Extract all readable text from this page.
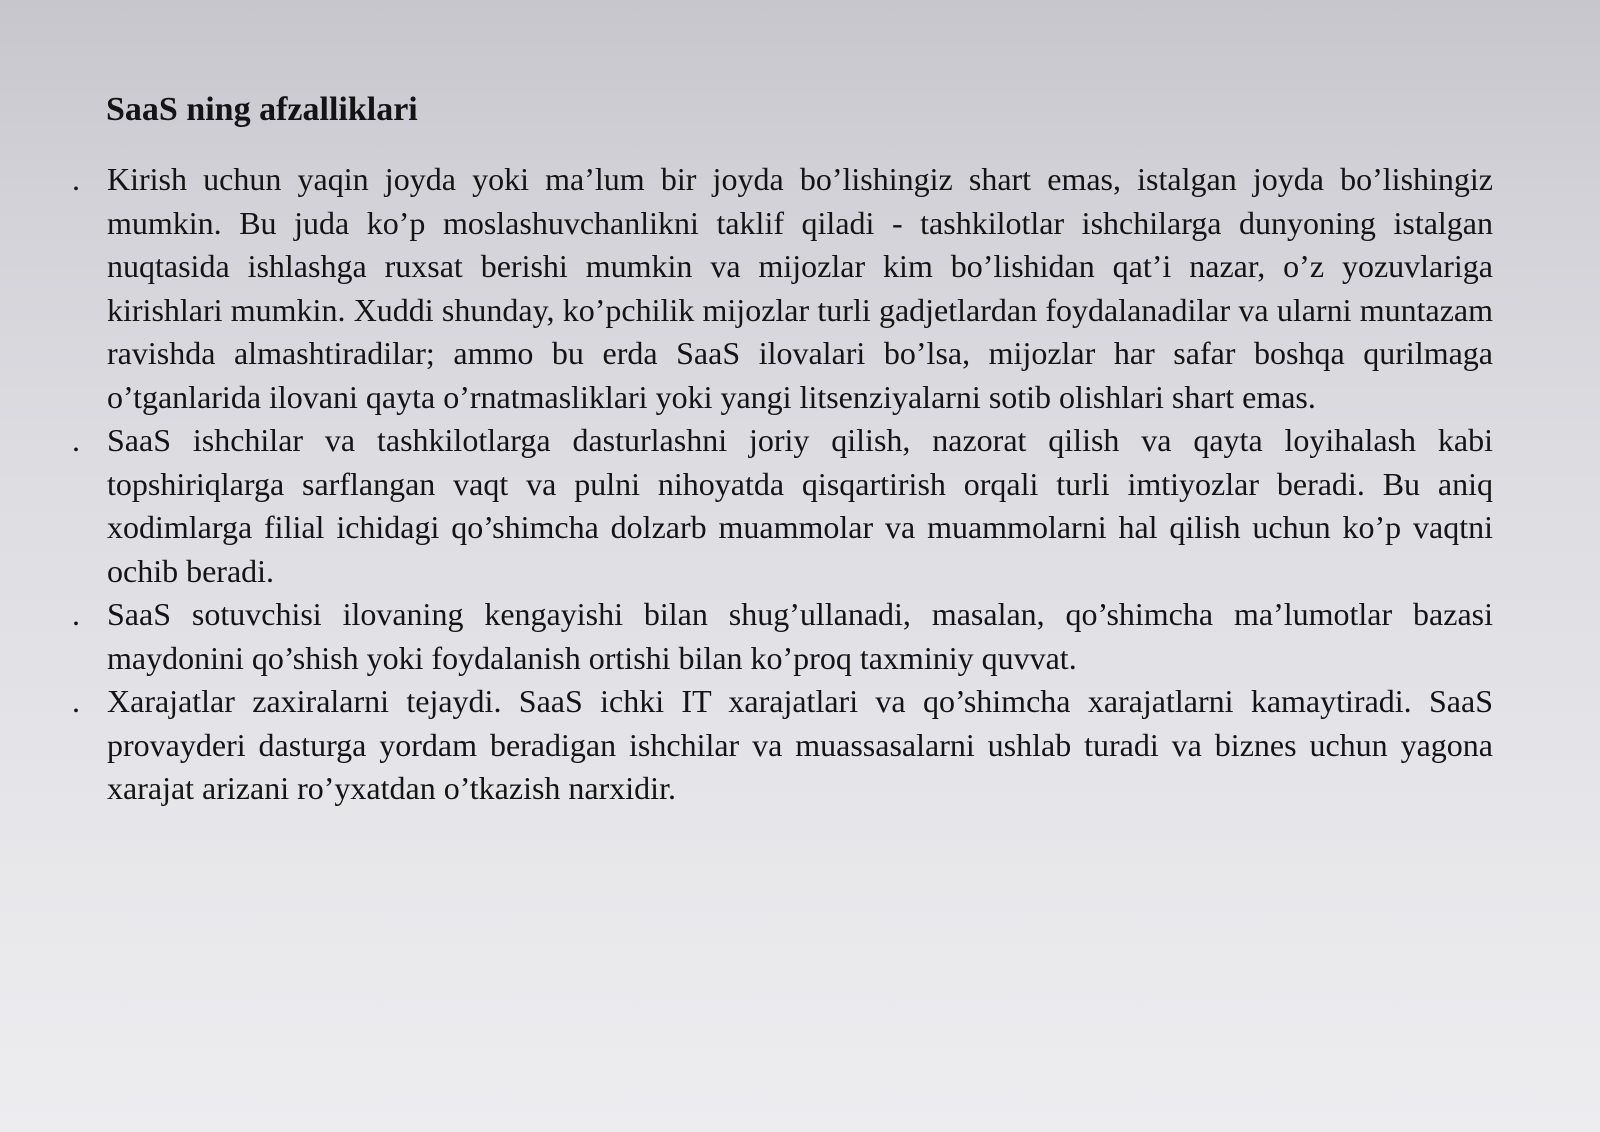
SaaS ning afzalliklari
. Kirish uchun yaqin joyda yoki ma’lum bir joyda bo’lishingiz shart emas, istalgan joyda bo’lishingiz mumkin. Bu juda ko’p moslashuvchanlikni taklif qiladi - tashkilotlar ishchilarga dunyoning istalgan nuqtasida ishlashga ruxsat berishi mumkin va mijozlar kim bo’lishidan qat’i nazar, o’z yozuvlariga kirishlari mumkin. Xuddi shunday, ko’pchilik mijozlar turli gadjetlardan foydalanadilar va ularni muntazam ravishda almashtiradilar; ammo bu erda SaaS ilovalari bo’lsa, mijozlar har safar boshqa qurilmaga o’tganlarida ilovani qayta o’rnatmasliklari yoki yangi litsenziyalarni sotib olishlari shart emas.
. SaaS ishchilar va tashkilotlarga dasturlashni joriy qilish, nazorat qilish va qayta loyihalash kabi topshiriqlarga sarflangan vaqt va pulni nihoyatda qisqartirish orqali turli imtiyozlar beradi. Bu aniq xodimlarga filial ichidagi qo’shimcha dolzarb muammolar va muammolarni hal qilish uchun ko’p vaqtni ochib beradi.
. SaaS sotuvchisi ilovaning kengayishi bilan shug’ullanadi, masalan, qo’shimcha ma’lumotlar bazasi maydonini qo’shish yoki foydalanish ortishi bilan ko’proq taxminiy quvvat.
. Xarajatlar zaxiralarni tejaydi. SaaS ichki IT xarajatlari va qo’shimcha xarajatlarni kamaytiradi. SaaS provayderi dasturga yordam beradigan ishchilar va muassasalarni ushlab turadi va biznes uchun yagona xarajat arizani ro’yxatdan o’tkazish narxidir.
